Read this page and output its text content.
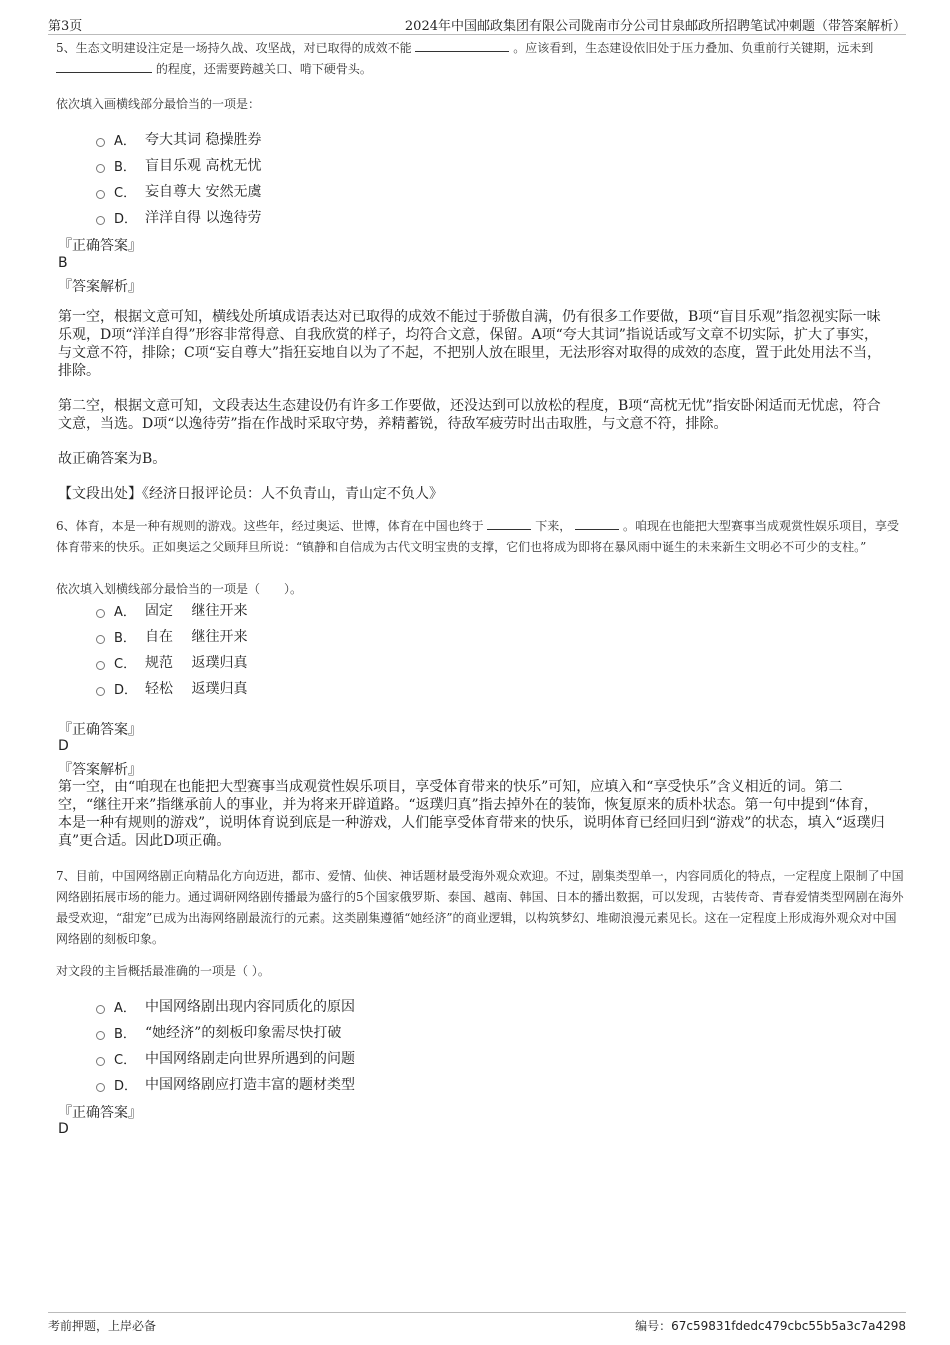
第3页	2024年中国邮政集团有限公司陇南市分公司甘泉邮政所招聘笔试冲刺题（带答案解析）
5、生态文明建设注定是一场持久战、攻坚战，对已取得的成效不能	。应该看到，生态建设依旧处于压力叠加、负重前行关键期，远未到  的程度，还需要跨越关口、啃下硬骨头。
依次填入画横线部分最恰当的一项是：
A． 夸大其词 稳操胜券
B． 盲目乐观 高枕无忧
C． 妄自尊大 安然无虞
D． 洋洋自得 以逸待劳
『正确答案』
B
『答案解析』

第一空，根据文意可知，横线处所填成语表达对已取得的成效不能过于骄傲自满，仍有很多工作要做，B项“盲目乐观”指忽视实际一味乐观，D项“洋洋自得”形容非常得意、自我欣赏的样子，均符合文意，保留。A项“夸大其词”指说话或写文章不切实际，扩大了事实，与文意不符，排除；C项“妄自尊大”指狂妄地自以为了不起，不把别人放在眼里，无法形容对取得的成效的态度，置于此处用法不当，排除。

第二空，根据文意可知，文段表达生态建设仍有许多工作要做，还没达到可以放松的程度，B项“高枕无忧”指安卧闲适而无忧虑，符合文意，当选。D项“以逸待劳”指在作战时采取守势，养精蓄锐，待敌军疲劳时出击取胜，与文意不符，排除。

故正确答案为B。

【文段出处】《经济日报评论员：人不负青山，青山定不负人》
6、体育，本是一种有规则的游戏。这些年，经过奥运、世博，体育在中国也终于	下来，	。咱现在也能把大型赛事当成观赏性娱乐项目，享受体育带来的快乐。正如奥运之父顾拜旦所说：“镇静和自信成为古代文明宝贵的支撑，它们也将成为即将在暴风雨中诞生的未来新生文明必不可少的支柱。”
依次填入划横线部分最恰当的一项是（　　）。
A． 固定　 继往开来
B． 自在　 继往开来
C． 规范　 返璞归真
D． 轻松　 返璞归真
『正确答案』
D
『答案解析』
第一空，由“咱现在也能把大型赛事当成观赏性娱乐项目，享受体育带来的快乐”可知，应填入和“享受快乐”含义相近的词。第二空，“继往开来”指继承前人的事业，并为将来开辟道路。“返璞归真”指去掉外在的装饰，恢复原来的质朴状态。第一句中提到“体育，本是一种有规则的游戏”，说明体育说到底是一种游戏，人们能享受体育带来的快乐，说明体育已经回归到“游戏”的状态，填入“返璞归真”更合适。因此D项正确。
7、目前，中国网络剧正向精品化方向迈进，都市、爱情、仙侠、神话题材最受海外观众欢迎。不过，剧集类型单一，内容同质化的特点，一定程度上限制了中国网络剧拓展市场的能力。通过调研网络剧传播最为盛行的5个国家俄罗斯、泰国、越南、韩国、日本的播出数据，可以发现，古装传奇、青春爱情类型网剧在海外最受欢迎，“甜宠”已成为出海网络剧最流行的元素。这类剧集遵循“她经济”的商业逻辑，以构筑梦幻、堆砌浪漫元素见长。这在一定程度上形成海外观众对中国网络剧的刻板印象。
对文段的主旨概括最准确的一项是（ ）。
A． 中国网络剧出现内容同质化的原因
B． “她经济”的刻板印象需尽快打破
C． 中国网络剧走向世界所遇到的问题
D． 中国网络剧应打造丰富的题材类型
『正确答案』
D
考前押题，上岸必备	编号：67c59831fdedc479cbc55b5a3c7a4298
